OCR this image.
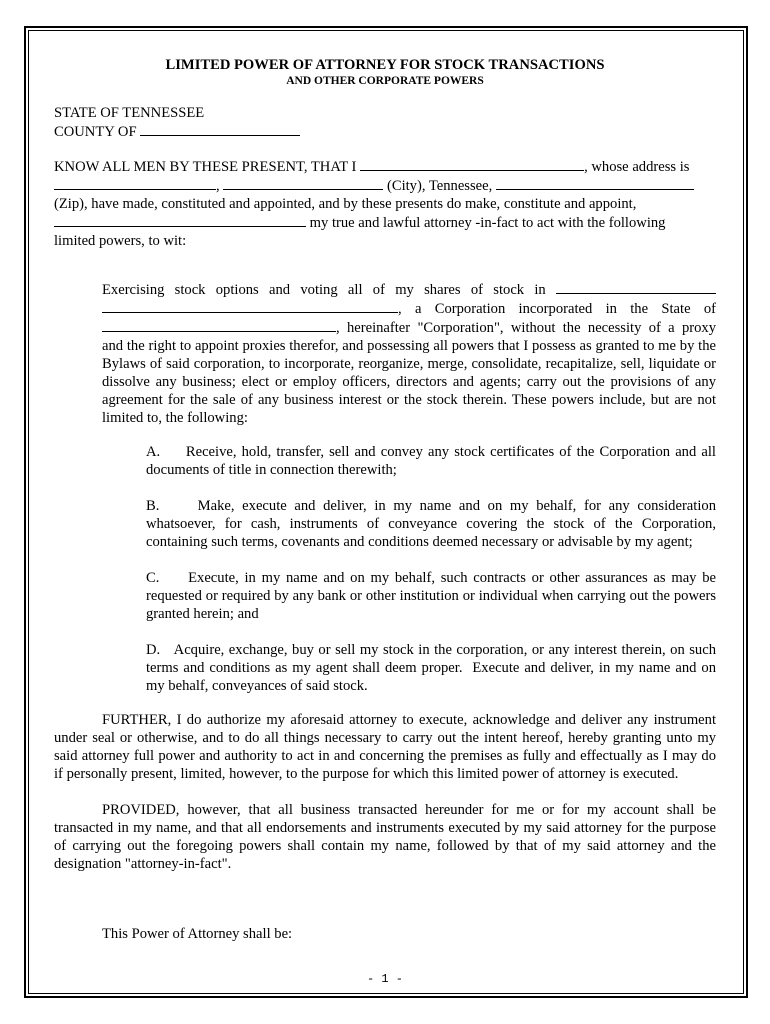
LIMITED POWER OF ATTORNEY FOR STOCK TRANSACTIONS

AND OTHER CORPORATE POWERS

STATE OF TENNESSEE

COUNTY OF

KNOW ALL MEN BY THESE PRESENT, THAT I	, whose address is
,	(City), Tennessee,
(Zip), have made, constituted and appointed, and by these presents do make, constitute and appoint,
my true and lawful attorney -in-fact to act with the following
limited powers, to wit:

Exercising stock options and voting all of my shares of stock in

, a Corporation incorporated in the State of

, hereinafter "Corporation", without the necessity of a proxy

and the right to appoint proxies therefor, and possessing all powers that I possess as granted to me by the Bylaws of said corporation, to incorporate, reorganize, merge, consolidate, recapitalize, sell, liquidate or dissolve any business; elect or employ officers, directors and agents; carry out the provisions of any agreement for the sale of any business interest or the stock therein. These powers include, but are not limited to, the following:

A.     Receive, hold, transfer, sell and convey any stock certificates of the Corporation and all documents of title in connection therewith;

B.     Make, execute and deliver, in my name and on my behalf, for any consideration whatsoever, for cash, instruments of conveyance covering the stock of the Corporation, containing such terms, covenants and conditions deemed necessary or advisable by my agent;

C.     Execute, in my name and on my behalf, such contracts or other assurances as may be requested or required by any bank or other institution or individual when carrying out the powers granted herein; and

D.   Acquire, exchange, buy or sell my stock in the corporation, or any interest therein, on such terms and conditions as my agent shall deem proper.  Execute and deliver, in my name and on my behalf, conveyances of said stock.

FURTHER, I do authorize my aforesaid attorney to execute, acknowledge and deliver any instrument under seal or otherwise, and to do all things necessary to carry out the intent hereof, hereby granting unto my said attorney full power and authority to act in and concerning the premises as fully and effectually as I may do if personally present, limited, however, to the purpose for which this limited power of attorney is executed.

PROVIDED, however, that all business transacted hereunder for me or for my account shall be transacted in my name, and that all endorsements and instruments executed by my said attorney for the purpose of carrying out the foregoing powers shall contain my name, followed by that of my said attorney and the designation "attorney-in-fact".

This Power of Attorney shall be:

- 1 -
